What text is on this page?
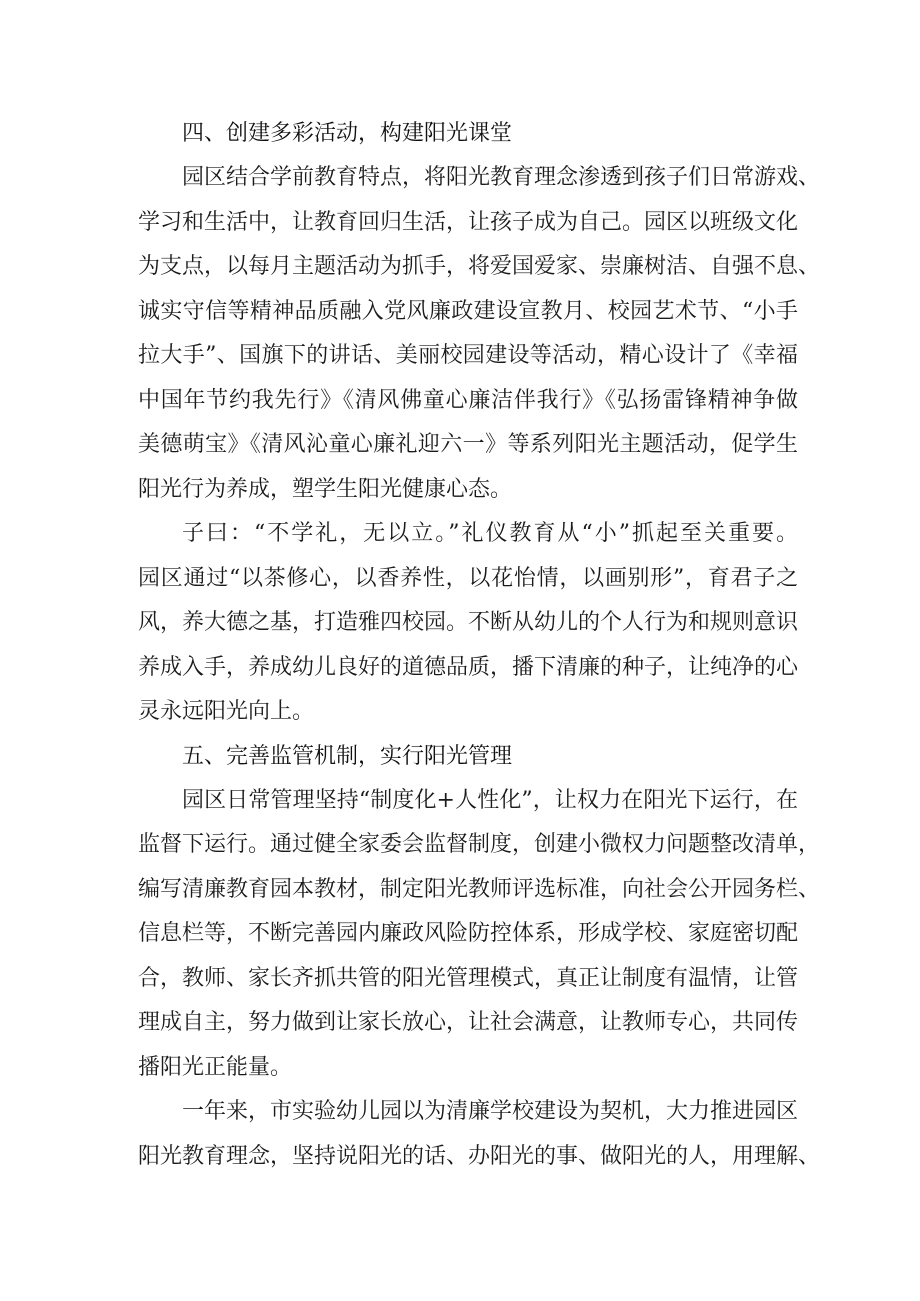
四、创建多彩活动，构建阳光课堂
园区结合学前教育特点，将阳光教育理念渗透到孩子们日常游戏、
学习和生活中，让教育回归生活，让孩子成为自己。园区以班级文化
为支点，以每月主题活动为抓手，将爱国爱家、崇廉树洁、自强不息、
诚实守信等精神品质融入党风廉政建设宣教月、校园艺术节、“小手
拉大手”、国旗下的讲话、美丽校园建设等活动，精心设计了《幸福
中国年节约我先行》《清风佛童心廉洁伴我行》《弘扬雷锋精神争做
美德萌宝》《清风沁童心廉礼迎六一》等系列阳光主题活动，促学生
阳光行为养成，塑学生阳光健康心态。
子曰：“不学礼，无以立。”礼仪教育从“小”抓起至关重要。
园区通过“以茶修心，以香养性，以花怡情，以画别形”，育君子之
风，养大德之基，打造雅四校园。不断从幼儿的个人行为和规则意识
养成入手，养成幼儿良好的道德品质，播下清廉的种子，让纯净的心
灵永远阳光向上。
五、完善监管机制，实行阳光管理
园区日常管理坚持“制度化+人性化”，让权力在阳光下运行，在
监督下运行。通过健全家委会监督制度，创建小微权力问题整改清单，
编写清廉教育园本教材，制定阳光教师评选标准，向社会公开园务栏、
信息栏等，不断完善园内廉政风险防控体系，形成学校、家庭密切配
合，教师、家长齐抓共管的阳光管理模式，真正让制度有温情，让管
理成自主，努力做到让家长放心，让社会满意，让教师专心，共同传
播阳光正能量。
一年来，市实验幼儿园以为清廉学校建设为契机，大力推进园区
阳光教育理念，坚持说阳光的话、办阳光的事、做阳光的人，用理解、
